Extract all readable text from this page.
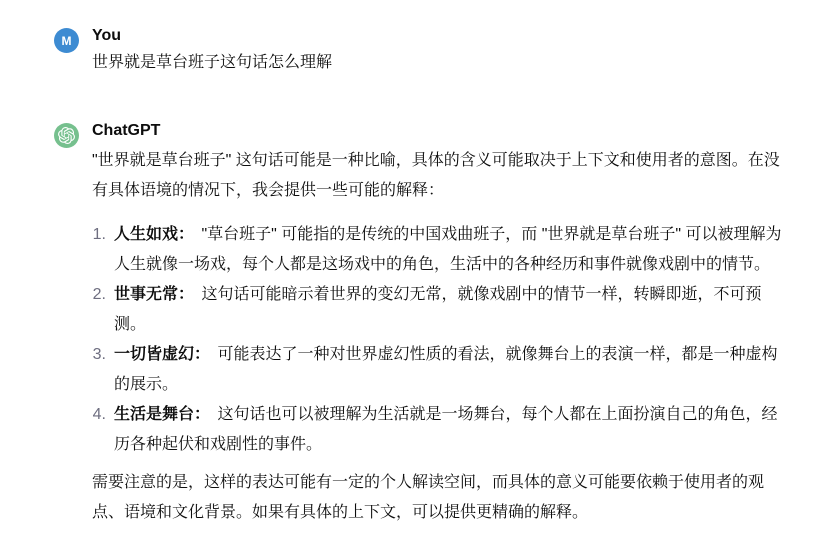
M You
世界就是草台班子这句话怎么理解
ChatGPT

"世界就是草台班子" 这句话可能是一种比喻，具体的含义可能取决于上下文和使用者的意图。在没有具体语境的情况下，我会提供一些可能的解释：

1. 人生如戏： "草台班子" 可能指的是传统的中国戏曲班子，而 "世界就是草台班子" 可以被理解为人生就像一场戏，每个人都是这场戏中的角色，生活中的各种经历和事件就像戏剧中的情节。
2. 世事无常： 这句话可能暗示着世界的变幻无常，就像戏剧中的情节一样，转瞬即逝，不可预测。
3. 一切皆虚幻： 可能表达了一种对世界虚幻性质的看法，就像舞台上的表演一样，都是一种虚构的展示。
4. 生活是舞台： 这句话也可以被理解为生活就是一场舞台，每个人都在上面扮演自己的角色，经历各种起伏和戏剧性的事件。

需要注意的是，这样的表达可能有一定的个人解读空间，而具体的意义可能要依赖于使用者的观点、语境和文化背景。如果有具体的上下文，可以提供更精确的解释。
